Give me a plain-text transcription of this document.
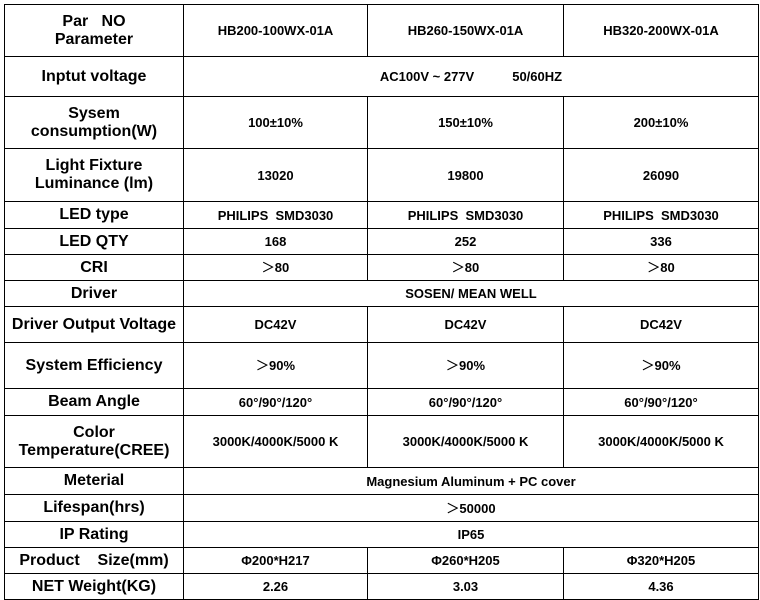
Par   NO
Parameter	HB200-100WX-01A	HB260-150WX-01A	HB320-200WX-01A
Inptut voltage	AC100V ~ 277V 50/60HZ		

Sysem
consumption(W)	100±10%	150±10%	200±10%

Light Fixture
Luminance (lm)	13020	19800	26090
LED type	PHILIPS  SMD3030	PHILIPS  SMD3030	PHILIPS  SMD3030
LED QTY	168	252	336
CRI	＞80	＞80	＞80
Driver	SOSEN/ MEAN WELL		
Driver Output Voltage	DC42V	DC42V	DC42V
System Efficiency	＞90%	＞90%	＞90%
Beam Angle	60°/90°/120°	60°/90°/120°	60°/90°/120°

Color
Temperature(CREE)	3000K/4000K/5000 K	3000K/4000K/5000 K	3000K/4000K/5000 K
Meterial	Magnesium Aluminum + PC cover		
Lifespan(hrs)	＞50000		
IP Rating	IP65		
Product    Size(mm)	Φ200*H217	Φ260*H205	Φ320*H205
NET Weight(KG)	2.26	3.03	4.36
